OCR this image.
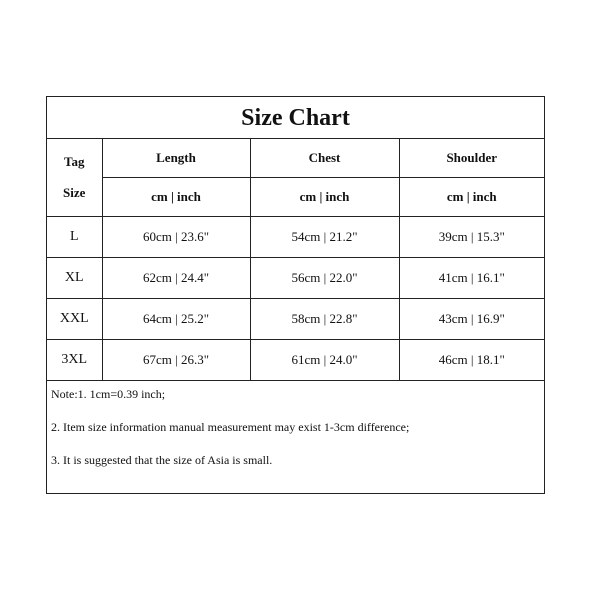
Size Chart
Tag
Size	Length	Chest	Shoulder
	cm | inch	cm | inch	cm | inch
L	60cm | 23.6"	54cm | 21.2"	39cm | 15.3"
XL	62cm | 24.4"	56cm | 22.0"	41cm | 16.1"
XXL	64cm | 25.2"	58cm | 22.8"	43cm | 16.9"
3XL	67cm | 26.3"	61cm | 24.0"	46cm | 18.1"
Note:1. 1cm=0.39 inch;
2. Item size information manual measurement may exist 1-3cm difference;
3. It is suggested that the size of Asia is small.
